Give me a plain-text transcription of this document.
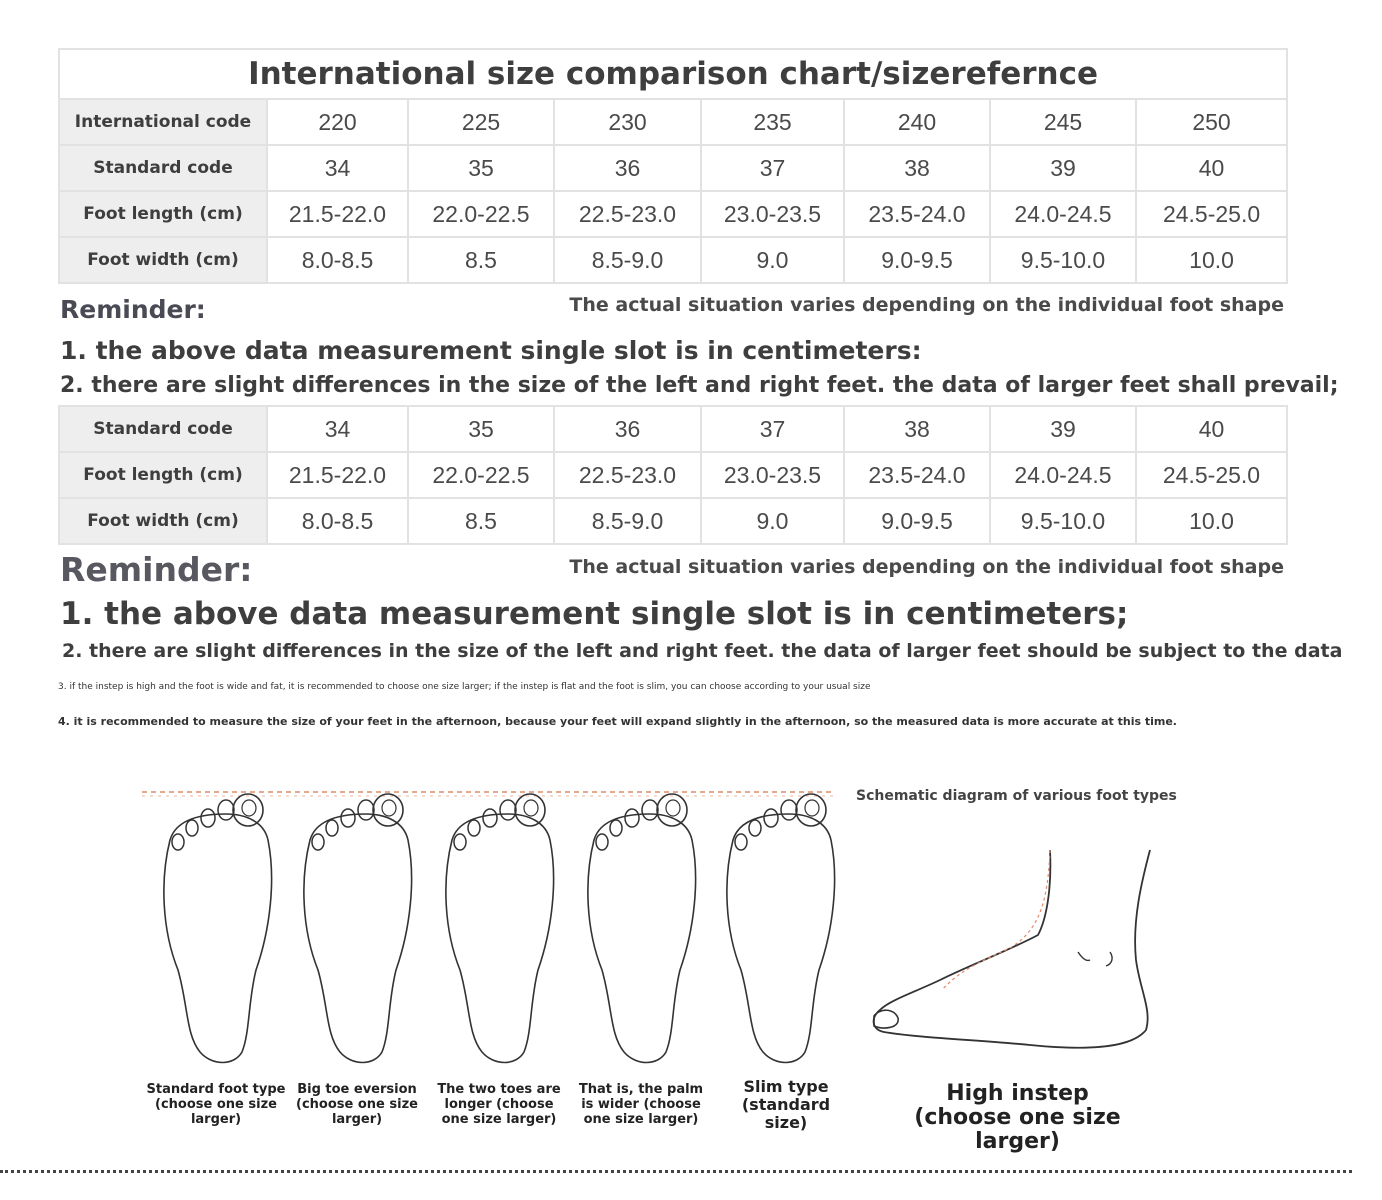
International size comparison chart/sizerefernce							
International code	220	225	230	235	240	245	250
Standard code	34	35	36	37	38	39	40
Foot length (cm)	21.5-22.0	22.0-22.5	22.5-23.0	23.0-23.5	23.5-24.0	24.0-24.5	24.5-25.0
Foot width (cm)	8.0-8.5	8.5	8.5-9.0	9.0	9.0-9.5	9.5-10.0	10.0
Reminder:	The actual situation varies depending on the individual foot shape
1. the above data measurement single slot is in centimeters:
2. there are slight differences in the size of the left and right feet. the data of larger feet shall prevail;
Standard code	34	35	36	37	38	39	40
Foot length (cm)	21.5-22.0	22.0-22.5	22.5-23.0	23.0-23.5	23.5-24.0	24.0-24.5	24.5-25.0
Foot width (cm)	8.0-8.5	8.5	8.5-9.0	9.0	9.0-9.5	9.5-10.0	10.0
Reminder:	The actual situation varies depending on the individual foot shape
1. the above data measurement single slot is in centimeters;
2. there are slight differences in the size of the left and right feet. the data of larger feet should be subject to the data
3. if the instep is high and the foot is wide and fat, it is recommended to choose one size larger; if the instep is flat and the foot is slim, you can choose according to your usual size
4. it is recommended to measure the size of your feet in the afternoon, because your feet will expand slightly in the afternoon, so the measured data is more accurate at this time.
Schematic diagram of various foot types
Standard foot type (choose one size larger)
Big toe eversion (choose one size larger)
The two toes are longer (choose one size larger)
That is, the palm is wider (choose one size larger)
Slim type (standard size)
High instep (choose one size larger)
